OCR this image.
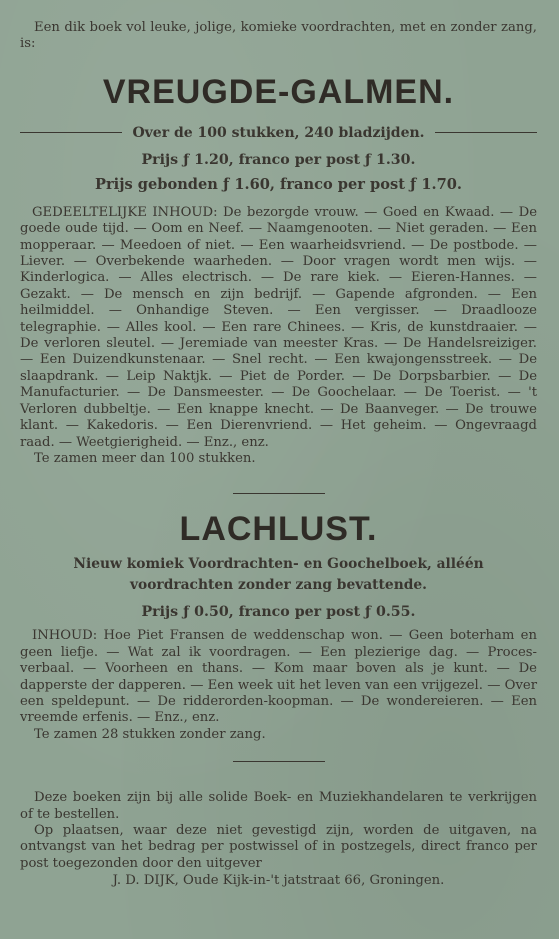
Een dik boek vol leuke, jolige, komieke voordrachten, met en zonder zang, is:

VREUGDE-GALMEN.
Over de 100 stukken, 240 bladzijden.

Prijs ƒ 1.20, franco per post ƒ 1.30.

Prijs gebonden ƒ 1.60, franco per post ƒ 1.70.

GEDEELTELIJKE INHOUD: De bezorgde vrouw. — Goed en Kwaad. — De goede oude tijd. — Oom en Neef. — Naamgenooten. — Niet geraden. — Een mopperaar. — Meedoen of niet. — Een waarheidsvriend. — De postbode. — Liever. — Overbekende waarheden. — Door vragen wordt men wijs. — Kinderlogica. — Alles electrisch. — De rare kiek. — Eieren-Hannes. — Gezakt. — De mensch en zijn bedrijf. — Gapende afgronden. — Een heilmiddel. — Onhandige Steven. — Een vergisser. — Draadlooze telegraphie. — Alles kool. — Een rare Chinees. — Kris, de kunstdraaier. — De verloren sleutel. — Jeremiade van meester Kras. — De Handelsreiziger. — Een Duizendkunstenaar. — Snel recht. — Een kwajongensstreek. — De slaapdrank. — Leip Naktjk. — Piet de Porder. — De Dorpsbarbier. — De Manufacturier. — De Dansmeester. — De Goochelaar. — De Toerist. — 't Verloren dubbeltje. — Een knappe knecht. — De Baanveger. — De trouwe klant. — Kakedoris. — Een Dierenvriend. — Het geheim. — Ongevraagd raad. — Weetgierigheid. — Enz., enz.

Te zamen meer dan 100 stukken.

LACHLUST.

Nieuw komiek Voordrachten- en Goochelboek, alléén voordrachten zonder zang bevattende.

Prijs ƒ 0.50, franco per post ƒ 0.55.

INHOUD: Hoe Piet Fransen de weddenschap won. — Geen boterham en geen liefje. — Wat zal ik voordragen. — Een plezierige dag. — Proces-verbaal. — Voorheen en thans. — Kom maar boven als je kunt. — De dapperste der dapperen. — Een week uit het leven van een vrijgezel. — Over een speldepunt. — De ridderorden-koopman. — De wondereieren. — Een vreemde erfenis. — Enz., enz.

Te zamen 28 stukken zonder zang.

Deze boeken zijn bij alle solide Boek- en Muziekhandelaren te verkrijgen of te bestellen.

Op plaatsen, waar deze niet gevestigd zijn, worden de uitgaven, na ontvangst van het bedrag per postwissel of in postzegels, direct franco per post toegezonden door den uitgever

J. D. DIJK, Oude Kijk-in-'t jatstraat 66, Groningen.
